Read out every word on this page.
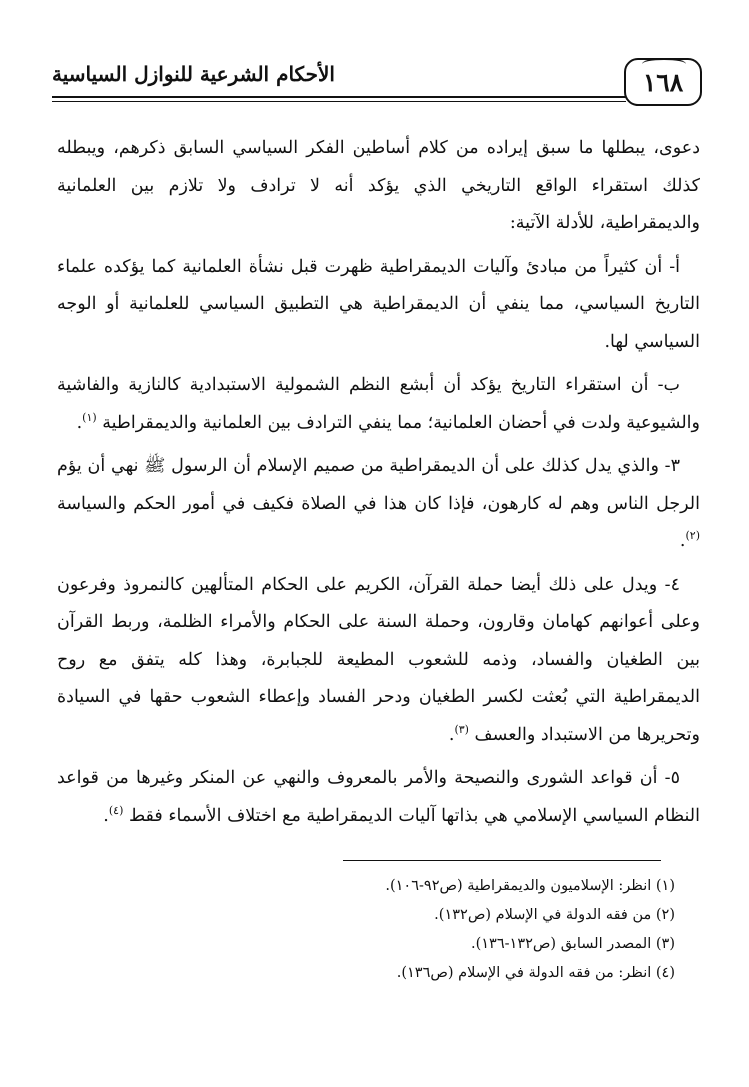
١٦٨
الأحكام الشرعية للنوازل السياسية

دعوى، يبطلها ما سبق إيراده من كلام أساطين الفكر السياسي السابق ذكرهم، ويبطله كذلك استقراء الواقع التاريخي الذي يؤكد أنه لا ترادف ولا تلازم بين العلمانية والديمقراطية، للأدلة الآتية:

أ- أن كثيراً من مبادئ وآليات الديمقراطية ظهرت قبل نشأة العلمانية كما يؤكده علماء التاريخ السياسي، مما ينفي أن الديمقراطية هي التطبيق السياسي للعلمانية أو الوجه السياسي لها.

ب- أن استقراء التاريخ يؤكد أن أبشع النظم الشمولية الاستبدادية كالنازية والفاشية والشيوعية ولدت في أحضان العلمانية؛ مما ينفي الترادف بين العلمانية والديمقراطية $^{(١)}$.

٣- والذي يدل كذلك على أن الديمقراطية من صميم الإسلام أن الرسول ﷺ نهي أن يؤم الرجل الناس وهم له كارهون، فإذا كان هذا في الصلاة فكيف في أمور الحكم والسياسة $^{(٢)}$.

٤- ويدل على ذلك أيضا حملة القرآن، الكريم على الحكام المتألهين كالنمروذ وفرعون وعلى أعوانهم كهامان وقارون، وحملة السنة على الحكام والأمراء الظلمة، وربط القرآن بين الطغيان والفساد، وذمه للشعوب المطيعة للجبابرة، وهذا كله يتفق مع روح الديمقراطية التي بُعثت لكسر الطغيان ودحر الفساد وإعطاء الشعوب حقها في السيادة وتحريرها من الاستبداد والعسف $^{(٣)}$.

٥- أن قواعد الشورى والنصيحة والأمر بالمعروف والنهي عن المنكر وغيرها من قواعد النظام السياسي الإسلامي هي بذاتها آليات الديمقراطية مع اختلاف الأسماء فقط $^{(٤)}$.

(١) انظر: الإسلاميون والديمقراطية (ص٩٢-١٠٦).
(٢) من فقه الدولة في الإسلام (ص١٣٢).
(٣) المصدر السابق (ص١٣٢-١٣٦).
(٤) انظر: من فقه الدولة في الإسلام (ص١٣٦).
